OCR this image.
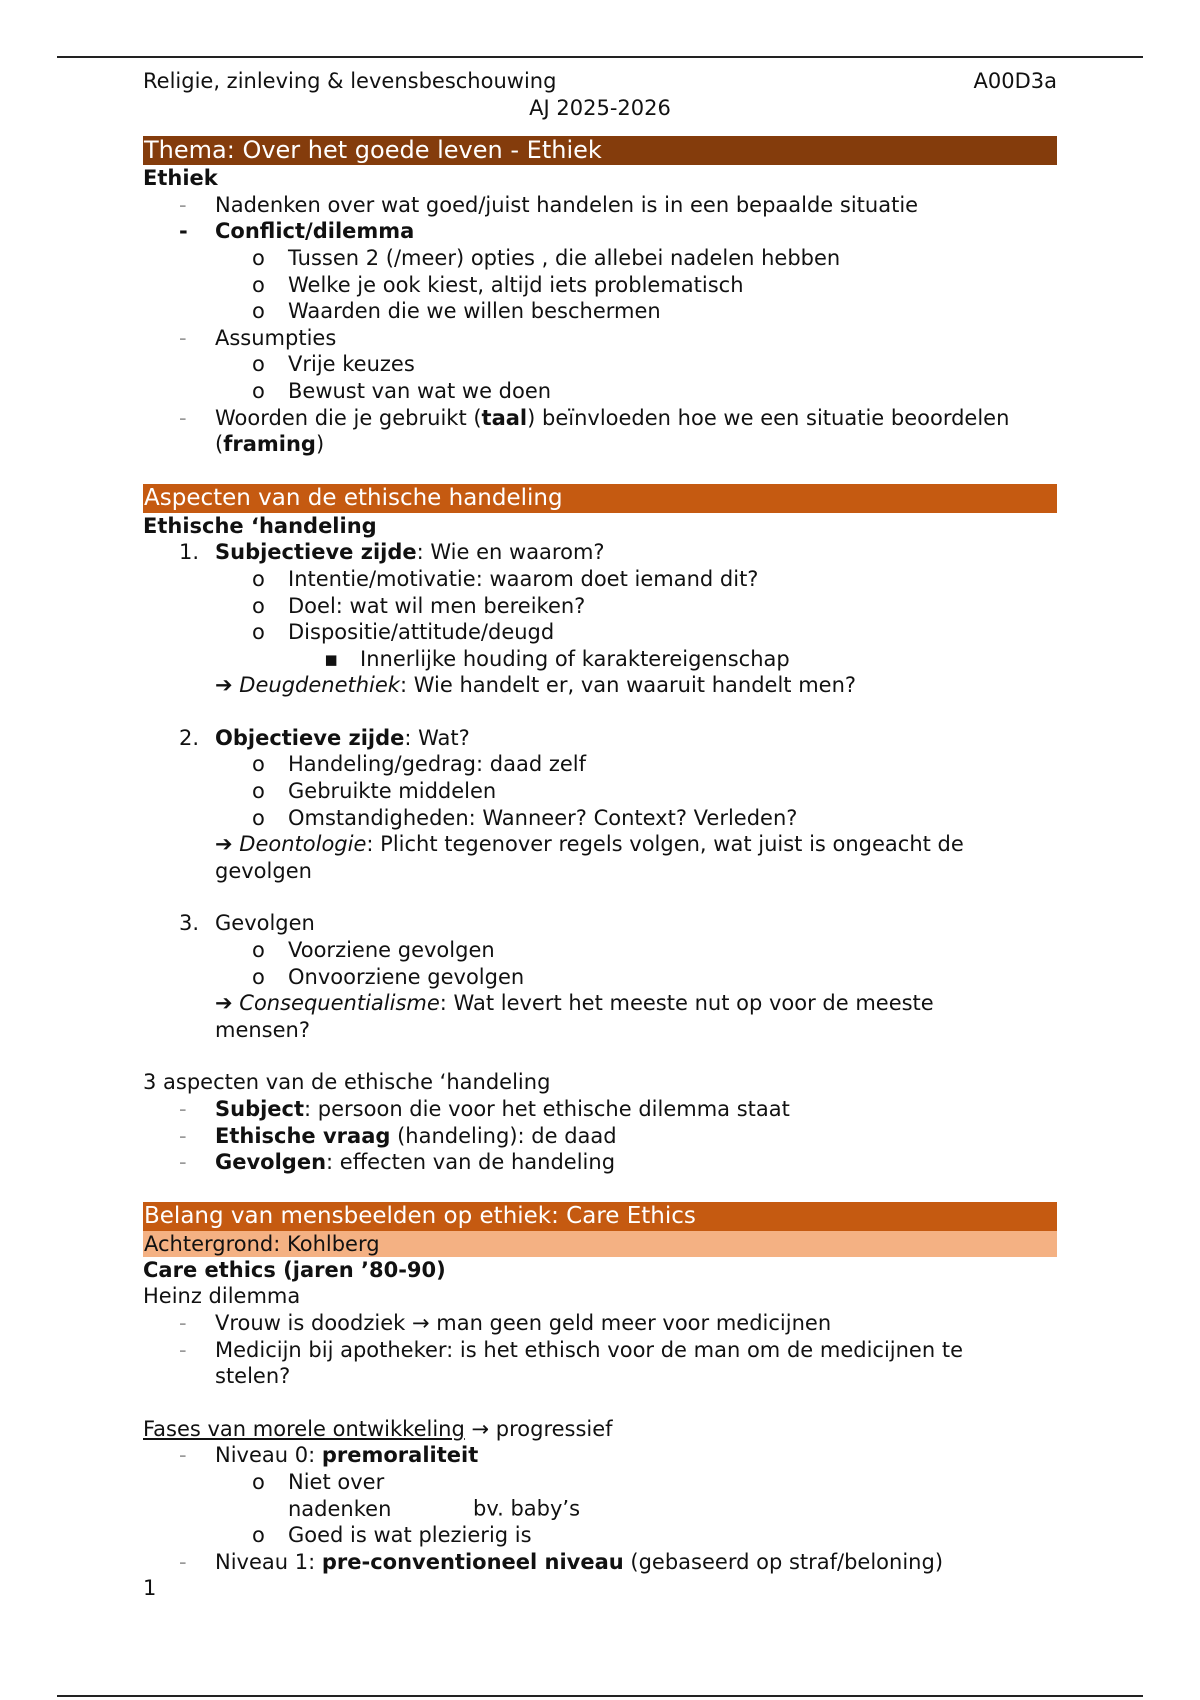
Religie, zinleving & levensbeschouwing	A00D3a
AJ 2025-2026
Thema: Over het goede leven - Ethiek
Ethiek
- Nadenken over wat goed/juist handelen is in een bepaalde situatie
- Conflict/dilemma
o Tussen 2 (/meer) opties , die allebei nadelen hebben
o Welke je ook kiest, altijd iets problematisch
o Waarden die we willen beschermen
- Assumpties
o Vrije keuzes
o Bewust van wat we doen
- Woorden die je gebruikt (taal) beïnvloeden hoe we een situatie beoordelen
(framing)
Aspecten van de ethische handeling
Ethische ‘handeling
1. Subjectieve zijde: Wie en waarom?
o Intentie/motivatie: waarom doet iemand dit?
o Doel: wat wil men bereiken?
o Dispositie/attitude/deugd
▪ Innerlijke houding of karaktereigenschap
➔ Deugdenethiek: Wie handelt er, van waaruit handelt men?
2. Objectieve zijde: Wat?
o Handeling/gedrag: daad zelf
o Gebruikte middelen
o Omstandigheden: Wanneer? Context? Verleden?
➔ Deontologie: Plicht tegenover regels volgen, wat juist is ongeacht de
gevolgen
3. Gevolgen
o Voorziene gevolgen
o Onvoorziene gevolgen
➔ Consequentialisme: Wat levert het meeste nut op voor de meeste
mensen?
3 aspecten van de ethische ‘handeling
- Subject: persoon die voor het ethische dilemma staat
- Ethische vraag (handeling): de daad
- Gevolgen: effecten van de handeling
Belang van mensbeelden op ethiek: Care Ethics
Achtergrond: Kohlberg
Care ethics (jaren ’80-90)
Heinz dilemma
- Vrouw is doodziek → man geen geld meer voor medicijnen
- Medicijn bij apotheker: is het ethisch voor de man om de medicijnen te
stelen?
Fases van morele ontwikkeling → progressief
- Niveau 0: premoraliteit
o Niet over nadenken	bv. baby’s
o Goed is wat plezierig is
- Niveau 1: pre-conventioneel niveau (gebaseerd op straf/beloning)
1
